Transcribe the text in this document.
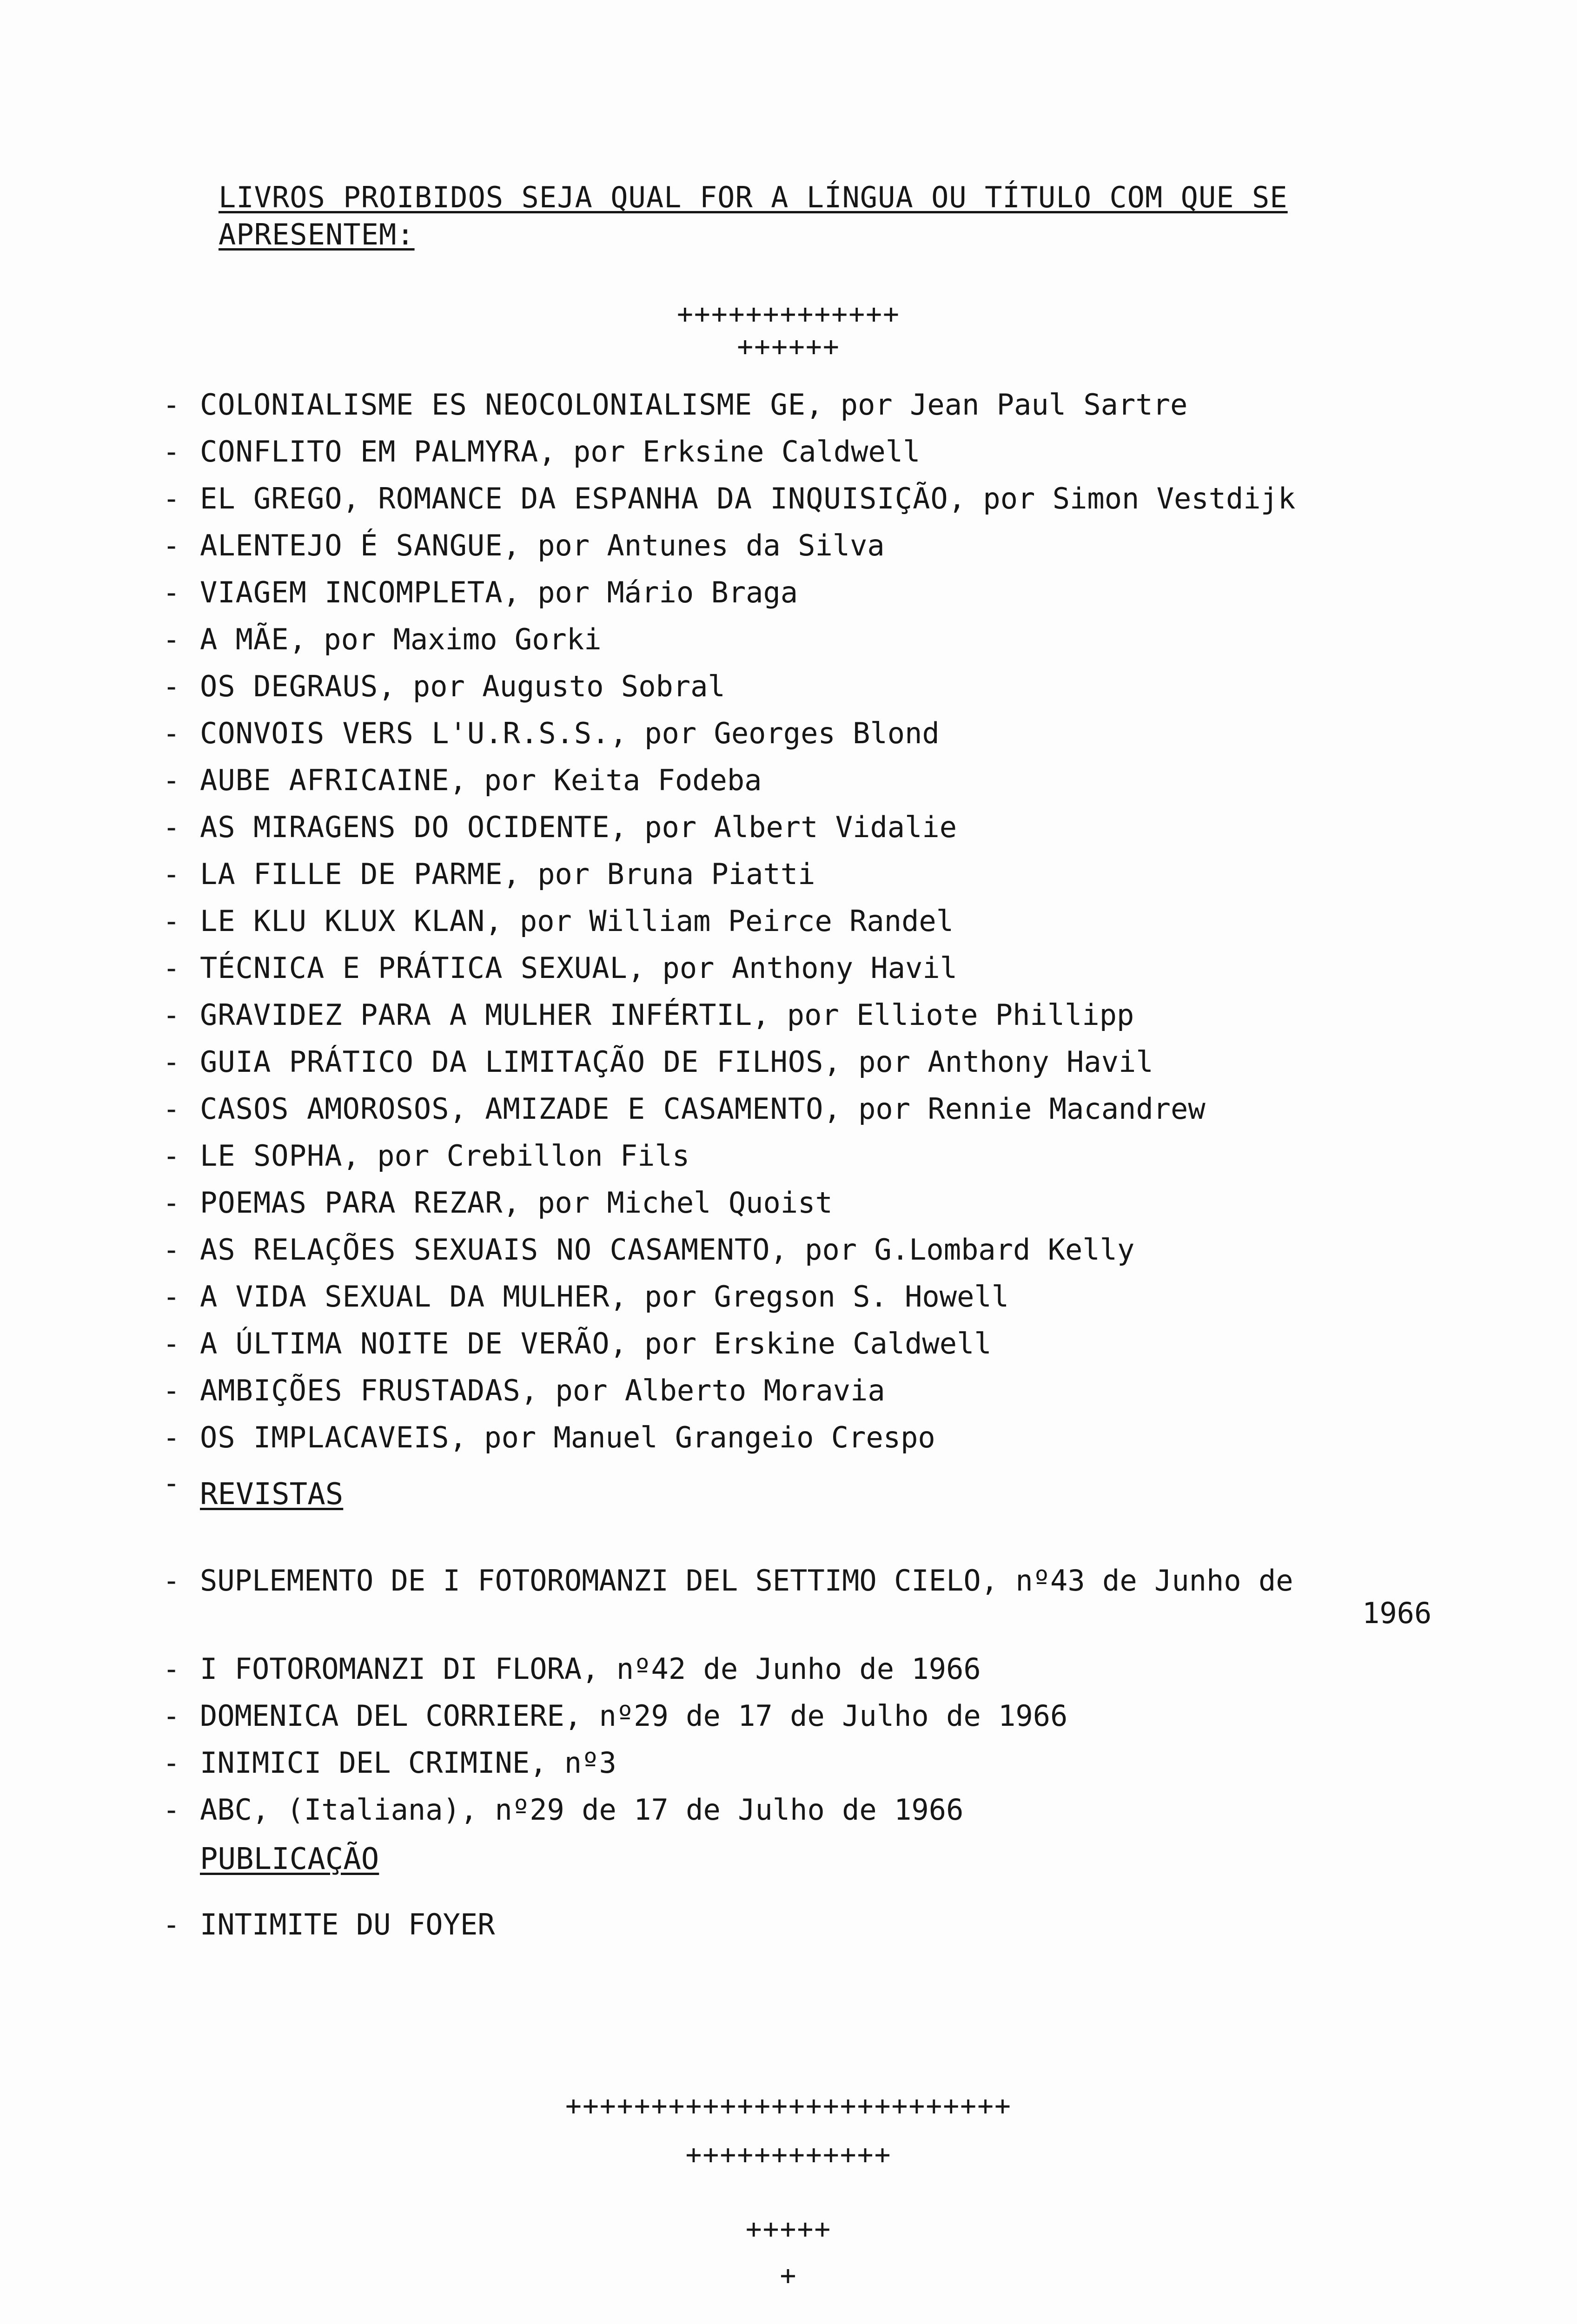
LIVROS PROIBIDOS SEJA QUAL FOR A LÍNGUA OU TÍTULO COM QUE SE APRESENTEM:
+++++++++++++
++++++
- COLONIALISME ES NEOCOLONIALISME GE, por Jean Paul Sartre
- CONFLITO EM PALMYRA, por Erksine Caldwell
- EL GREGO, ROMANCE DA ESPANHA DA INQUISIÇÃO, por Simon Vestdijk
- ALENTEJO É SANGUE, por Antunes da Silva
- VIAGEM INCOMPLETA, por Mário Braga
- A MÃE, por Maximo Gorki
- OS DEGRAUS, por Augusto Sobral
- CONVOIS VERS L'U.R.S.S., por Georges Blond
- AUBE AFRICAINE, por Keita Fodeba
- AS MIRAGENS DO OCIDENTE, por Albert Vidalie
- LA FILLE DE PARME, por Bruna Piatti
- LE KLU KLUX KLAN, por William Peirce Randel
- TÉCNICA E PRÁTICA SEXUAL, por Anthony Havil
- GRAVIDEZ PARA A MULHER INFÉRTIL, por Elliote Phillipp
- GUIA PRÁTICO DA LIMITAÇÃO DE FILHOS, por Anthony Havil
- CASOS AMOROSOS, AMIZADE E CASAMENTO, por Rennie Macandrew
- LE SOPHA, por Crebillon Fils
- POEMAS PARA REZAR, por Michel Quoist
- AS RELAÇÕES SEXUAIS NO CASAMENTO, por G.Lombard Kelly
- A VIDA SEXUAL DA MULHER, por Gregson S. Howell
- A ÚLTIMA NOITE DE VERÃO, por Erskine Caldwell
- AMBIÇÕES FRUSTADAS, por Alberto Moravia
- OS IMPLACAVEIS, por Manuel Grangeio Crespo
- REVISTAS
- SUPLEMENTO DE I FOTOROMANZI DEL SETTIMO CIELO, nº43 de Junho de
1966
- I FOTOROMANZI DI FLORA, nº42 de Junho de 1966
- DOMENICA DEL CORRIERE, nº29 de 17 de Julho de 1966
- INIMICI DEL CRIMINE, nº3
- ABC, (Italiana), nº29 de 17 de Julho de 1966
PUBLICAÇÃO
- INTIMITE DU FOYER
++++++++++++++++++++++++++
++++++++++++
+++++
+
